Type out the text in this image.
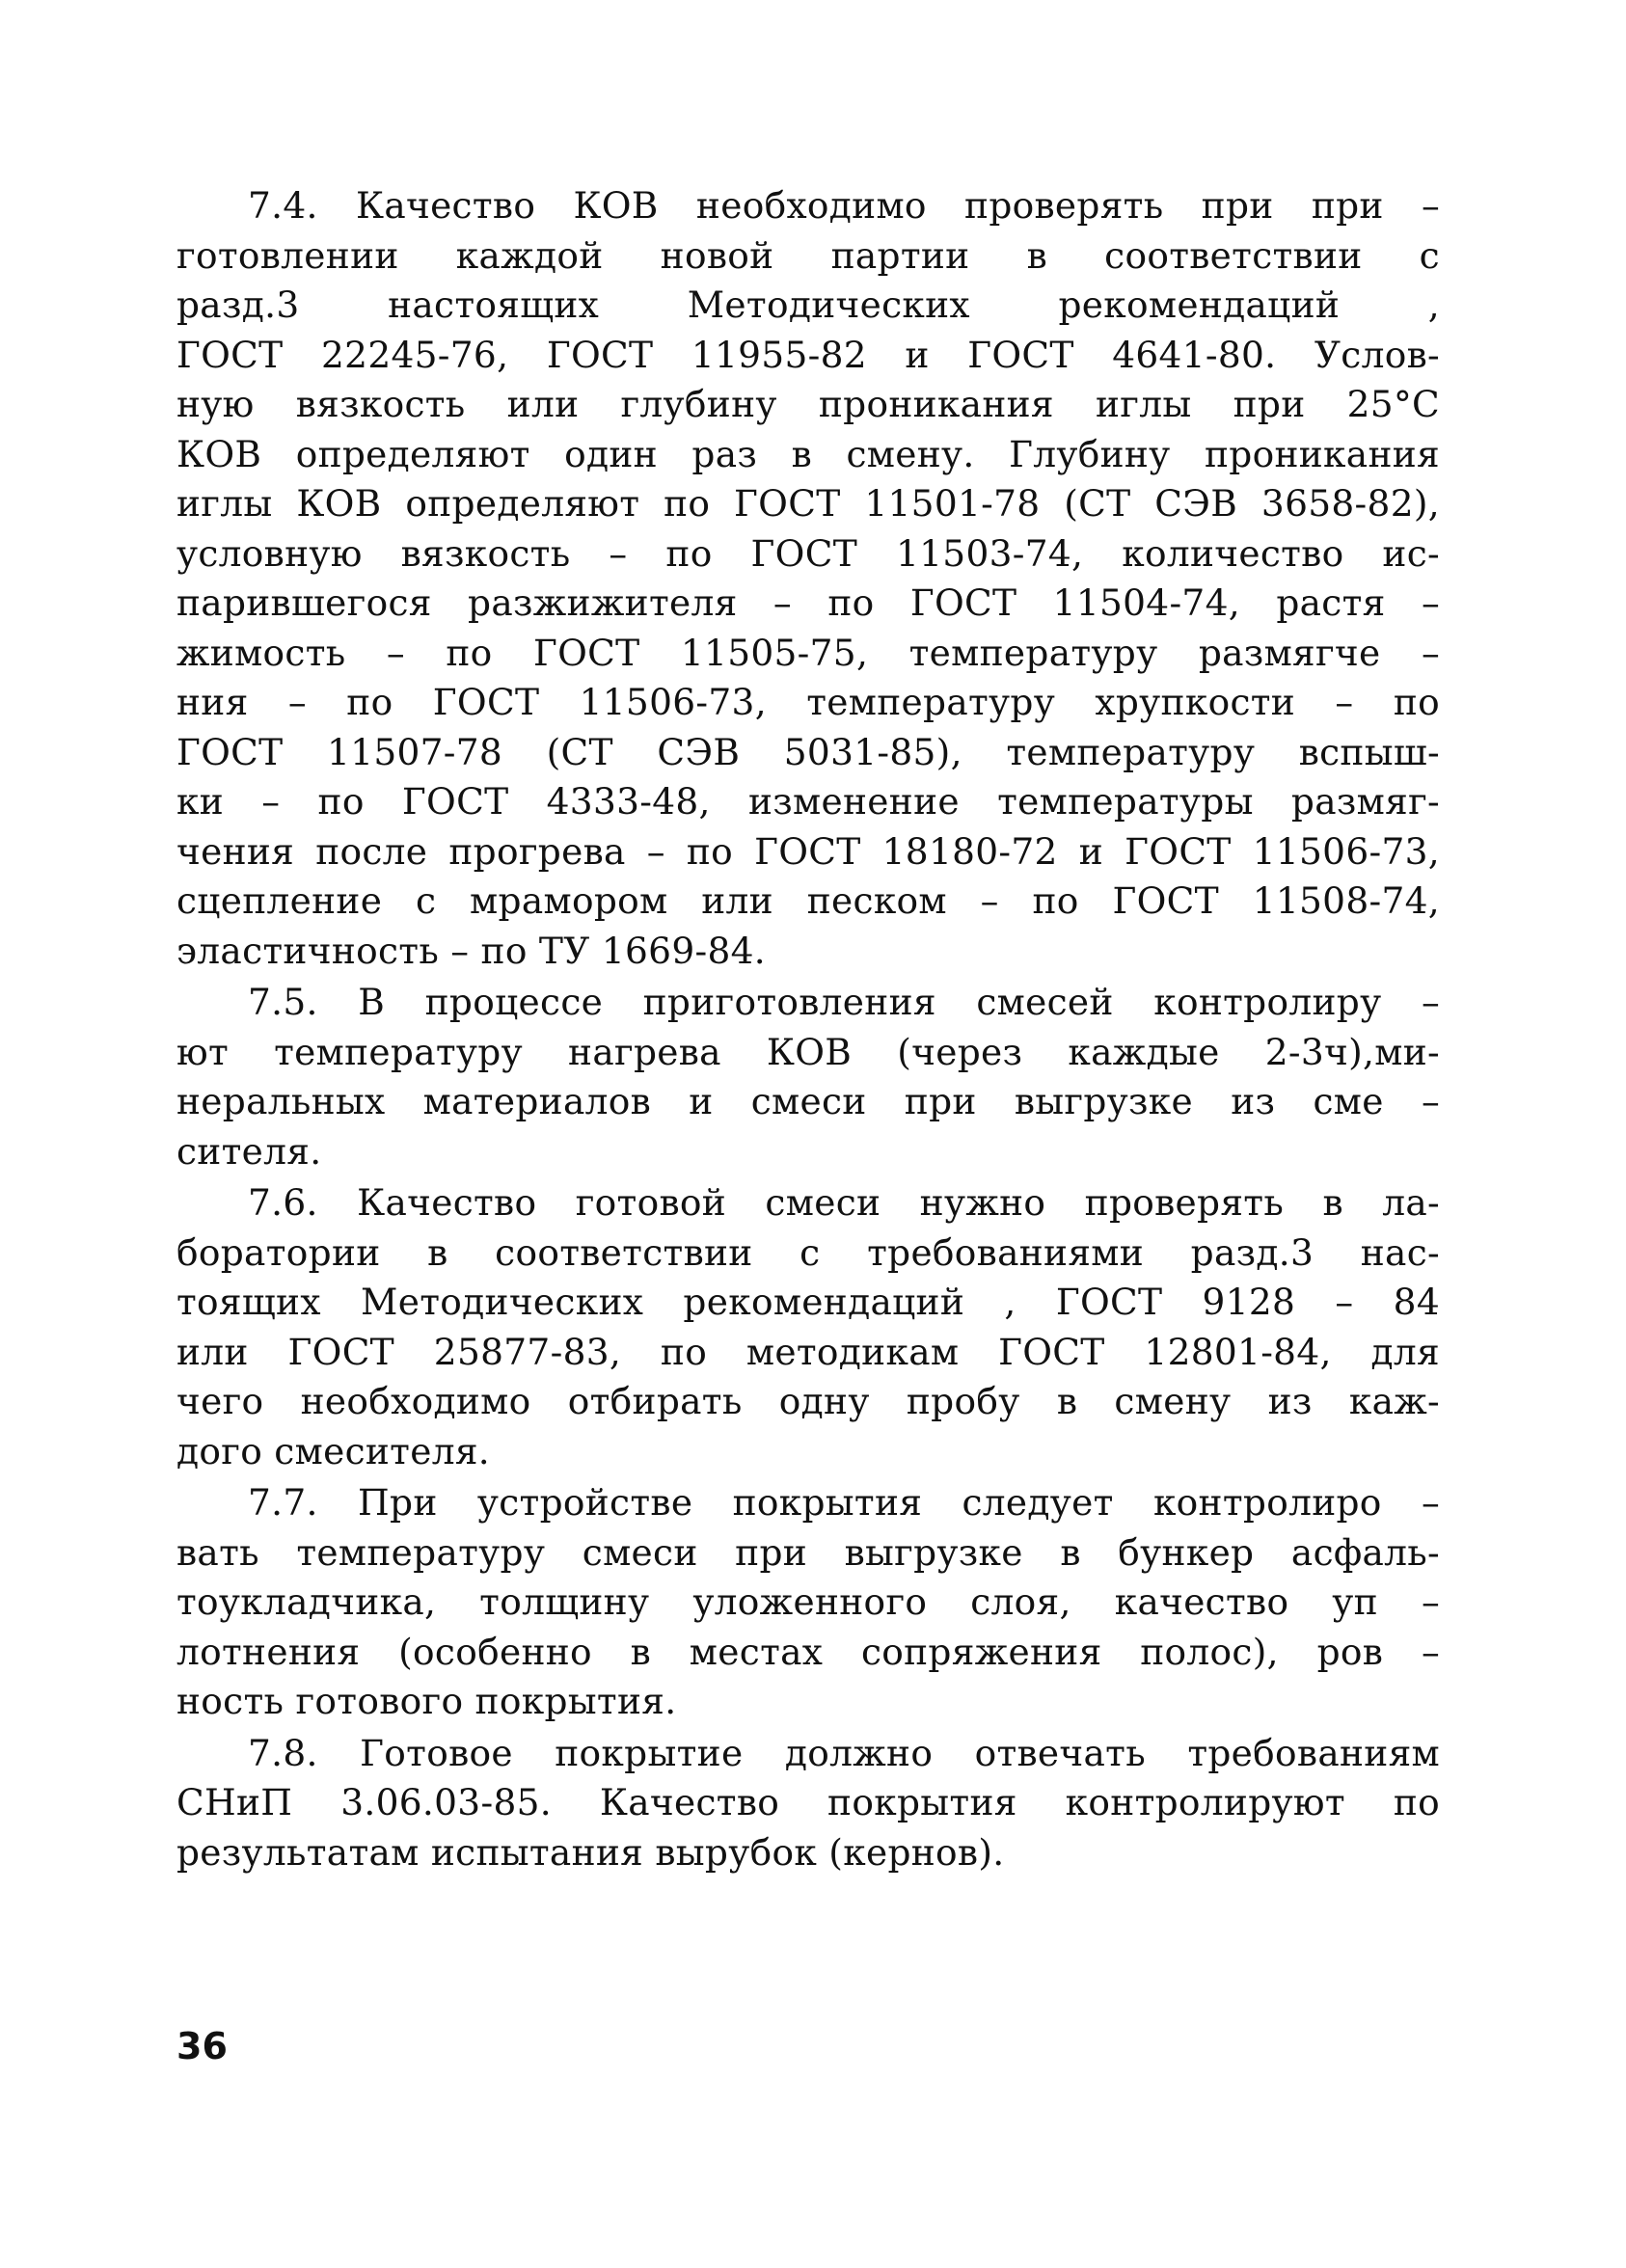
7.4. Качество КОВ необходимо проверять при при –
готовлении каждой новой партии в соответствии с
разд.3 настоящих Методических рекомендаций ,
ГОСТ 22245-76, ГОСТ 11955-82 и ГОСТ 4641-80. Услов-
ную вязкость или глубину проникания иглы при 25°С
КОВ определяют один раз в смену. Глубину проникания
иглы КОВ определяют по ГОСТ 11501-78 (СТ СЭВ 3658-82),
условную вязкость – по ГОСТ 11503-74, количество ис-
парившегося разжижителя – по ГОСТ 11504-74, растя –
жимость – по ГОСТ 11505-75, температуру размягче –
ния – по ГОСТ 11506-73, температуру хрупкости – по
ГОСТ 11507-78 (СТ СЭВ 5031-85), температуру вспыш-
ки – по ГОСТ 4333-48, изменение температуры размяг-
чения после прогрева – по ГОСТ 18180-72 и ГОСТ 11506-73,
сцепление с мрамором или песком – по ГОСТ 11508-74,
эластичность – по ТУ 1669-84.
7.5. В процессе приготовления смесей контролиру –
ют температуру нагрева КОВ (через каждые 2-3ч),ми-
неральных материалов и смеси при выгрузке из сме –
сителя.
7.6. Качество готовой смеси нужно проверять в ла-
боратории в соответствии с требованиями разд.3 нас-
тоящих Методических рекомендаций , ГОСТ 9128 – 84
или ГОСТ 25877-83, по методикам ГОСТ 12801-84, для
чего необходимо отбирать одну пробу в смену из каж-
дого смесителя.
7.7. При устройстве покрытия следует контролиро –
вать температуру смеси при выгрузке в бункер асфаль-
тоукладчика, толщину уложенного слоя, качество уп –
лотнения (особенно в местах сопряжения полос), ров –
ность готового покрытия.
7.8. Готовое покрытие должно отвечать требованиям
СНиП 3.06.03-85. Качество покрытия контролируют по
результатам испытания вырубок (кернов).
36
